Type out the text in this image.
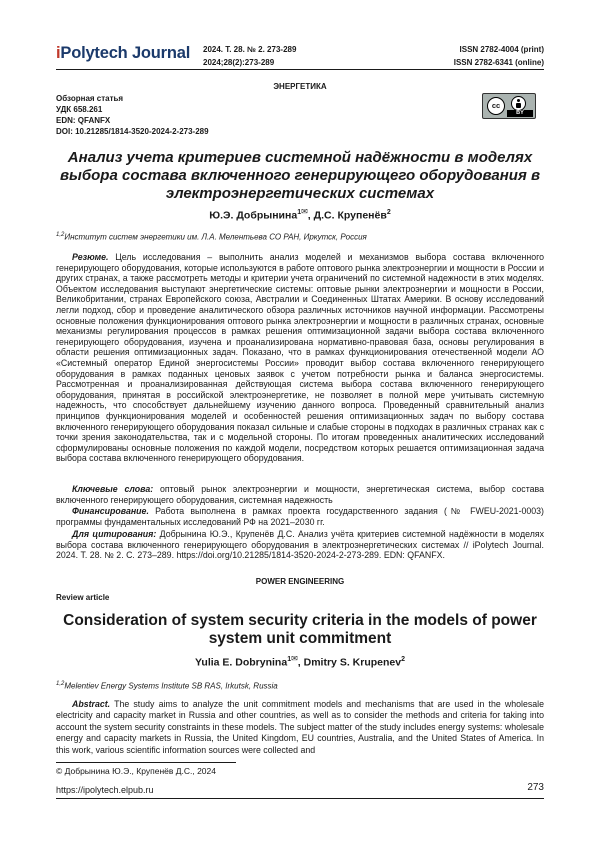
iPolytech Journal 2024. Т. 28. № 2. 273-289
2024;28(2):273-289
ISSN 2782-4004 (print)
ISSN 2782-6341 (online)
ЭНЕРГЕТИКА
Обзорная статья
УДК 658.261
EDN: QFANFX
DOI: 10.21285/1814-3520-2024-2-273-289
cc
BY
Анализ учета критериев системной надёжности в моделях выбора состава включенного генерирующего оборудования в электроэнергетических системах
Ю.Э. Добрынина$^{1✉}$, Д.С. Крупенёв$^2$
$^{1,2}$Институт систем энергетики им. Л.А. Мелентьева СО РАН, Иркутск, Россия
Резюме. Цель исследования – выполнить анализ моделей и механизмов выбора состава включенного генерирующего оборудования, которые используются в работе оптового рынка электроэнергии и мощности в России и других странах, а также рассмотреть методы и критерии учета ограничений по системной надежности в этих моделях. Объектом исследования выступают энергетические системы: оптовые рынки электроэнергии и мощности в России, Великобритании, странах Европейского союза, Австралии и Соединенных Штатах Америки. В основу исследований легли подход, сбор и проведение аналитического обзора различных источников научной информации. Рассмотрены основные положения функционирования оптового рынка электроэнергии и мощности в различных странах, основные механизмы регулирования процессов в рамках решения оптимизационной задачи выбора состава включенного генерирующего оборудования, изучена и проанализирована нормативно-правовая база, основы регулирования в области решения оптимизационных задач. Показано, что в рамках функционирования отечественной модели АО «Системный оператор Единой энергосистемы России» проводит выбор состава включенного генерирующего оборудования в рамках поданных ценовых заявок с учетом потребности рынка и баланса энергосистемы. Рассмотренная и проанализированная действующая система выбора состава включенного генерирующего оборудования, принятая в российской электроэнергетике, не позволяет в полной мере учитывать системную надежность, что способствует дальнейшему изучению данного вопроса. Проведенный сравнительный анализ принципов функционирования моделей и особенностей решения оптимизационных задач по выбору состава включенного генерирующего оборудования показал сильные и слабые стороны в подходах в различных странах как с точки зрения законодательства, так и с модельной стороны. По итогам проведенных аналитических исследований сформулированы основные положения по каждой модели, посредством которых решается оптимизационная задача выбора состава включенного генерирующего оборудования.
Ключевые слова: оптовый рынок электроэнергии и мощности, энергетическая система, выбор состава включенного генерирующего оборудования, системная надежность
Финансирование. Работа выполнена в рамках проекта государственного задания (№ FWEU-2021-0003) программы фундаментальных исследований РФ на 2021–2030 гг.
Для цитирования: Добрынина Ю.Э., Крупенёв Д.С. Анализ учёта критериев системной надёжности в моделях выбора состава включенного генерирующего оборудования в электроэнергетических системах // iPolytech Journal. 2024. Т. 28. № 2. С. 273–289. https://doi.org/10.21285/1814-3520-2024-2-273-289. EDN: QFANFX.
POWER ENGINEERING
Review article
Consideration of system security criteria in the models of power system unit commitment
Yulia E. Dobrynina$^{1✉}$, Dmitry S. Krupenev$^2$
$^{1,2}$Melentiev Energy Systems Institute SB RAS, Irkutsk, Russia
Abstract. The study aims to analyze the unit commitment models and mechanisms that are used in the wholesale electricity and capacity market in Russia and other countries, as well as to consider the methods and criteria for taking into account the system security constraints in these models. The subject matter of the study includes energy systems: wholesale energy and capacity markets in Russia, the United Kingdom, EU countries, Australia, and the United States of America. In this work, various scientific information sources were collected and
© Добрынина Ю.Э., Крупенёв Д.С., 2024
https://ipolytech.elpub.ru	273
